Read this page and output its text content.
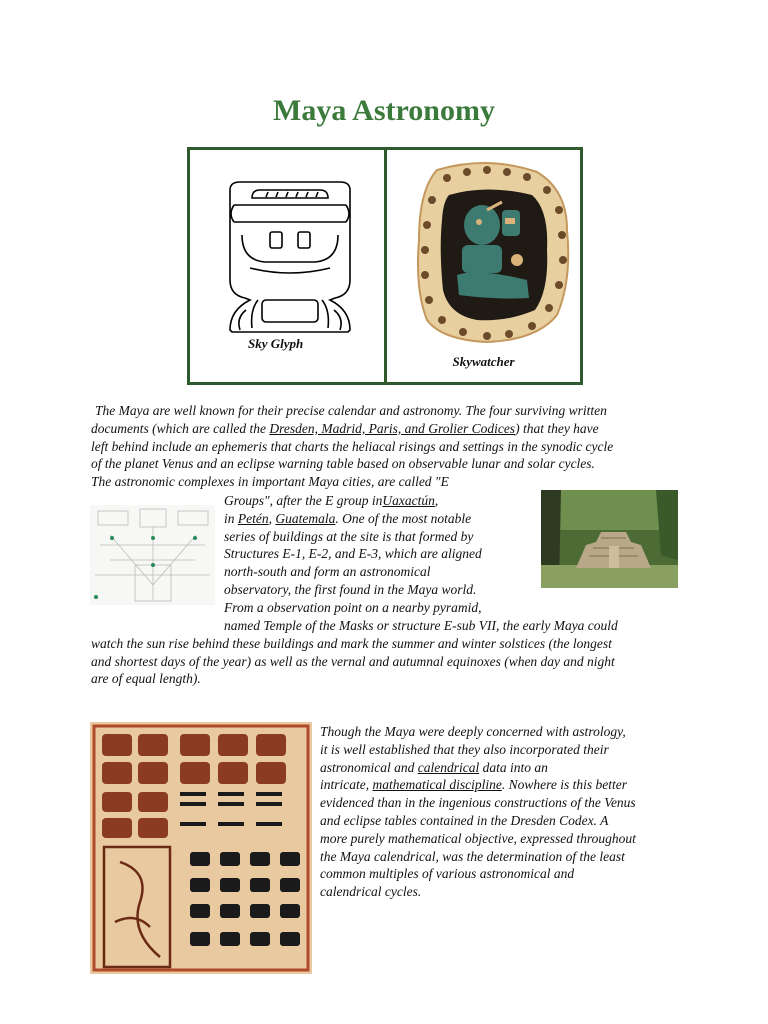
Maya Astronomy
Sky Glyph
Skywatcher
The Maya are well known for their precise calendar and astronomy. The four surviving written
documents (which are called the Dresden, Madrid, Paris, and Grolier Codices) that they have
left behind include an ephemeris that charts the heliacal risings and settings in the synodic cycle
of the planet Venus and an eclipse warning table based on observable lunar and solar cycles.
The astronomic complexes in important Maya cities, are called "E
Groups", after the E group inUaxactún,
in Petén, Guatemala. One of the most notable
series of buildings at the site is that formed by
Structures E-1, E-2, and E-3, which are aligned
north-south and form an astronomical
observatory, the first found in the Maya world.
From a observation point on a nearby pyramid,
named Temple of the Masks or structure E-sub VII, the early Maya could
watch the sun rise behind these buildings and mark the summer and winter solstices (the longest
and shortest days of the year) as well as the vernal and autumnal equinoxes (when day and night
are of equal length).
Though the Maya were deeply concerned with astrology,
it is well established that they also incorporated their
astronomical and calendrical data into an
intricate, mathematical discipline. Nowhere is this better
evidenced than in the ingenious constructions of the Venus
and eclipse tables contained in the Dresden Codex. A
more purely mathematical objective, expressed throughout
the Maya calendrical, was the determination of the least
common multiples of various astronomical and
calendrical cycles.
